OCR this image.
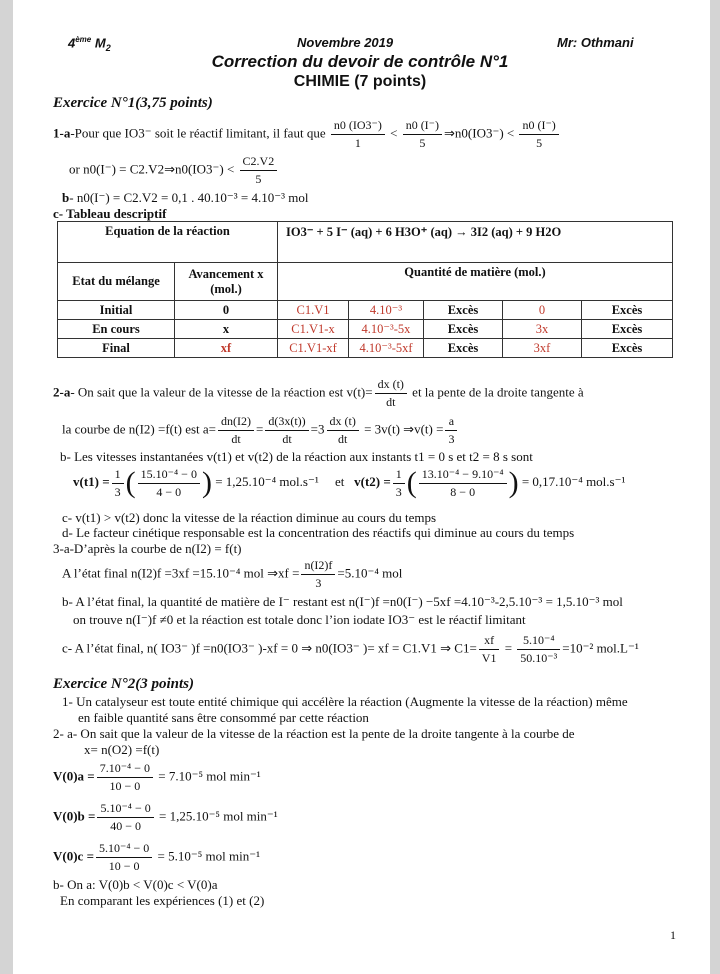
4ème $M_2$	Novembre 2019	Mr: Othmani
Correction du devoir de contrôle N°1
CHIMIE (7 points)
Exercice N°1(3,75 points)
1-a-Pour que IO3⁻ soit le réactif limitant, il faut que $\frac{n0 (IO3^-)}{1} < \frac{n0 (I^-)}{5}$ ⇒n0(IO3⁻) < $\frac{n0 (I^-)}{5}$
or n0(I⁻) = C2.V2⇒n0(IO3⁻) < $\frac{C2.V2}{5}$
b- n0(I⁻) = C2.V2 = 0,1 . 40.10⁻³ = 4.10⁻³ mol
c- Tableau descriptif
Equation de la réaction		IO3⁻ + 5 I⁻ (aq) + 6 H3O⁺ (aq) → 3I2 (aq) + 9 H2O				
Etat du mélange	Avancement x (mol.)	Quantité de matière (mol.)				
Initial	0	C1.V1	4.10⁻³	Excès	0	Excès
En cours	x	C1.V1-x	4.10⁻³-5x	Excès	3x	Excès
Final	xf	C1.V1-xf	4.10⁻³-5xf	Excès	3xf	Excès
2-a- On sait que la valeur de la vitesse de la réaction est $v(t)= \frac{dx (t)}{dt}$ et la pente de la droite tangente à
la courbe de n(I2) =f(t) est $a= \frac{dn(I2)}{dt} = \frac{d(3x(t))}{dt} =3 \frac{dx (t)}{dt} = 3v(t)$ ⇒v(t) = $\frac{a}{3}$
b- Les vitesses instantanées v(t1) et v(t2) de la réaction aux instants t1 = 0 s et t2 = 8 s sont
$v(t1) = \frac{1}{3}$ ( $\frac{\text{15.10⁻⁴ − 0}}{4 - 0}$ ) = 1,25.10⁻⁴ mol.s⁻¹ et $v(t2) = \frac{1}{3}$ ( $\frac{\text{13.10⁻⁴ − 9.10⁻⁴}}{8 - 0}$ ) = 0,17.10⁻⁴ mol.s⁻¹
c- v(t1) > v(t2) donc la vitesse de la réaction diminue au cours du temps
d- Le facteur cinétique responsable est la concentration des réactifs qui diminue au cours du temps
3-a-D’après la courbe de n(I2) = f(t)
A l’état final n(I2)f =3xf =15.10⁻⁴ mol ⇒xf = $\frac{n(I2)f}{3} =5.10^{-4}$ mol
b- A l’état final, la quantité de matière de I⁻ restant est n(I⁻)f =n0(I⁻) −5xf =4.10⁻³-2,5.10⁻³ = 1,5.10⁻³ mol
on trouve n(I⁻)f ≠0 et la réaction est totale donc l’ion iodate IO3⁻ est le réactif limitant
c- A l’état final, n( IO3⁻ )f =n0(IO3⁻ )-xf = 0 ⇒ n0(IO3⁻ )= xf = C1.V1 ⇒ $C1= \frac{xf}{V1} = \frac{\text{5.10⁻⁴}}{\text{50.10⁻³}} =10^{-2}$ mol.L⁻¹
Exercice N°2(3 points)
1- Un catalyseur est toute entité chimique qui accélère la réaction (Augmente la vitesse de la réaction) même
en faible quantité sans être consommé par cette réaction
2- a- On sait que la valeur de la vitesse de la réaction est la pente de la droite tangente à la courbe de
x= n(O2) =f(t)
$V(0)a = \frac{\text{7.10⁻⁴ − 0}}{10 - 0} = 7.10^{-5}$ mol min⁻¹
$V(0)b = \frac{\text{5.10⁻⁴ − 0}}{40 - 0} = 1,25.10^{-5}$ mol min⁻¹
$V(0)c = \frac{\text{5.10⁻⁴ − 0}}{10 - 0} = 5.10^{-5}$ mol min⁻¹
b- On a: V(0)b < V(0)c < V(0)a
En comparant les expériences (1) et (2)
1
